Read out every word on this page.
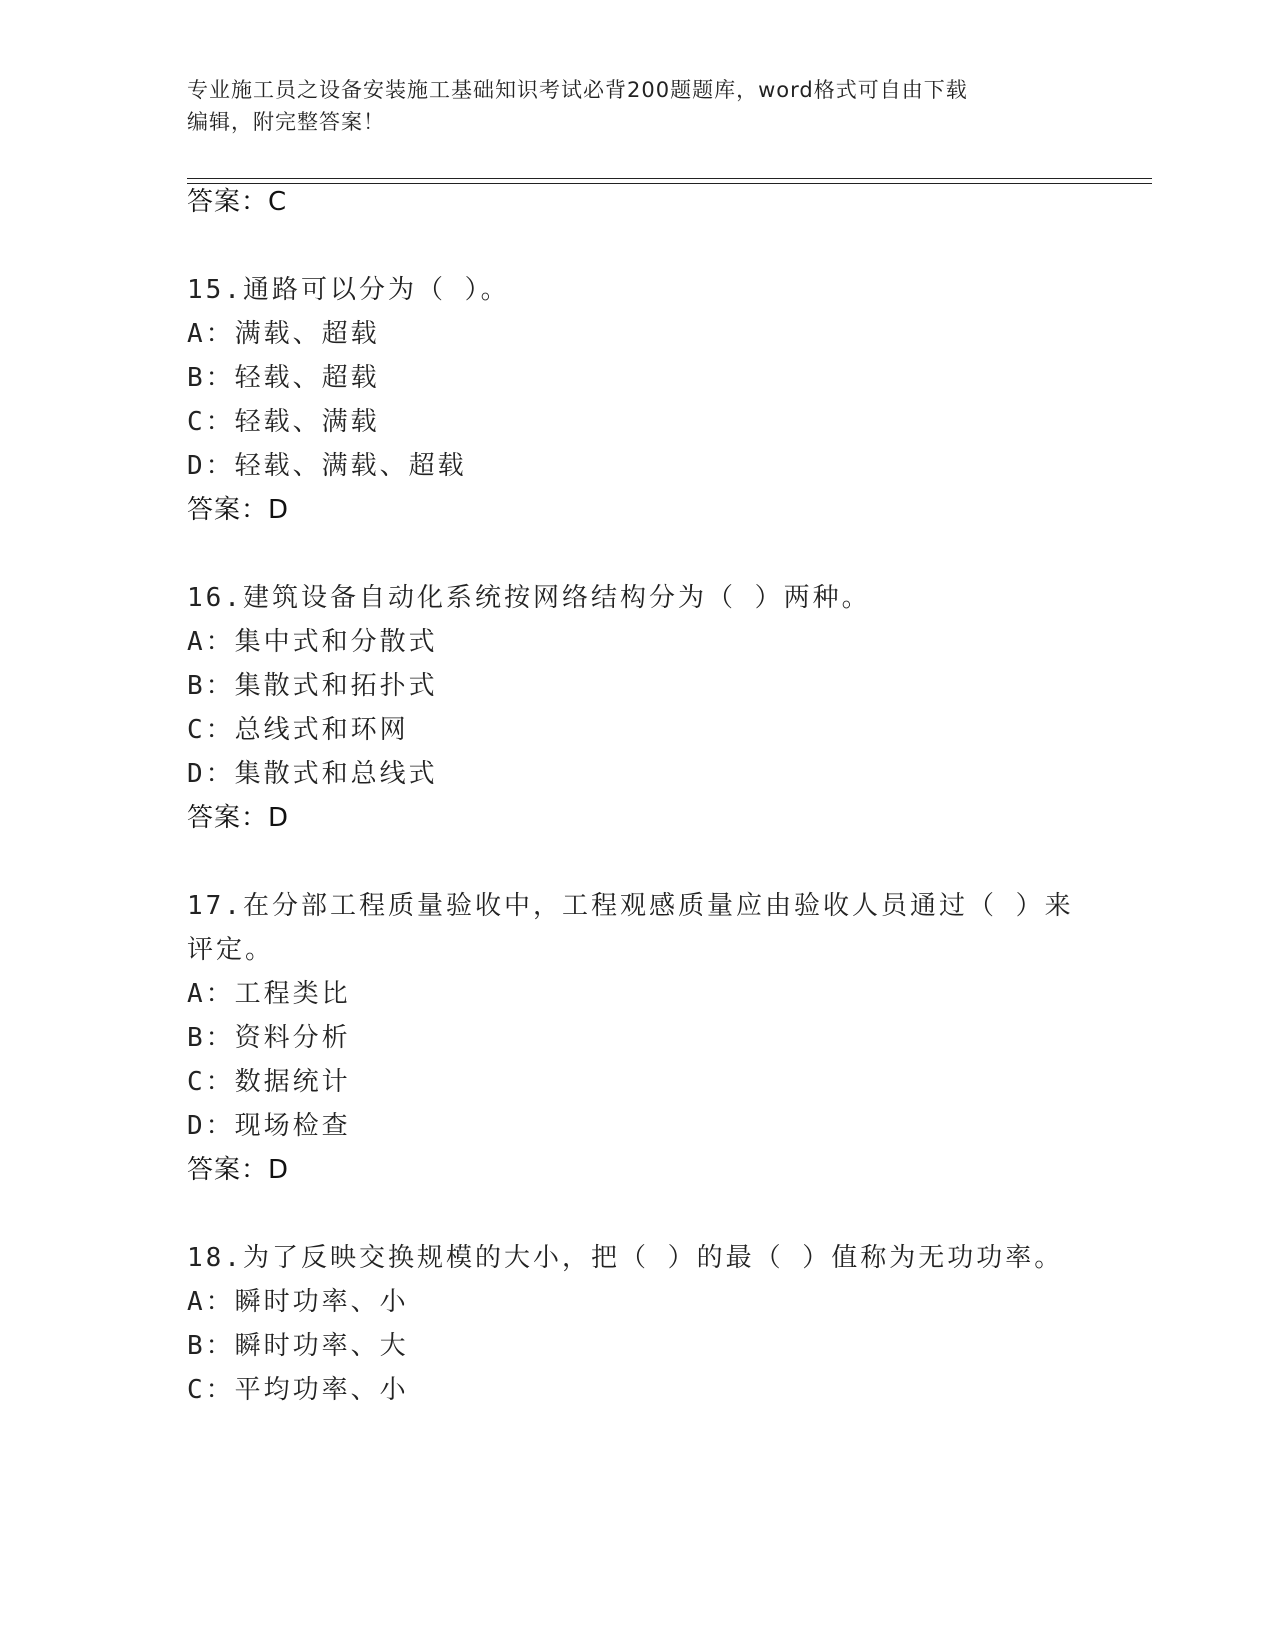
专业施工员之设备安装施工基础知识考试必背200题题库，word格式可自由下载
编辑，附完整答案！
答案：C
15.通路可以分为（ ）。
A：满载、超载
B：轻载、超载
C：轻载、满载
D：轻载、满载、超载
答案：D
16.建筑设备自动化系统按网络结构分为（ ）两种。
A：集中式和分散式
B：集散式和拓扑式
C：总线式和环网
D：集散式和总线式
答案：D
17.在分部工程质量验收中，工程观感质量应由验收人员通过（ ）来
评定。
A：工程类比
B：资料分析
C：数据统计
D：现场检查
答案：D
18.为了反映交换规模的大小，把（ ）的最（ ）值称为无功功率。
A：瞬时功率、小
B：瞬时功率、大
C：平均功率、小
